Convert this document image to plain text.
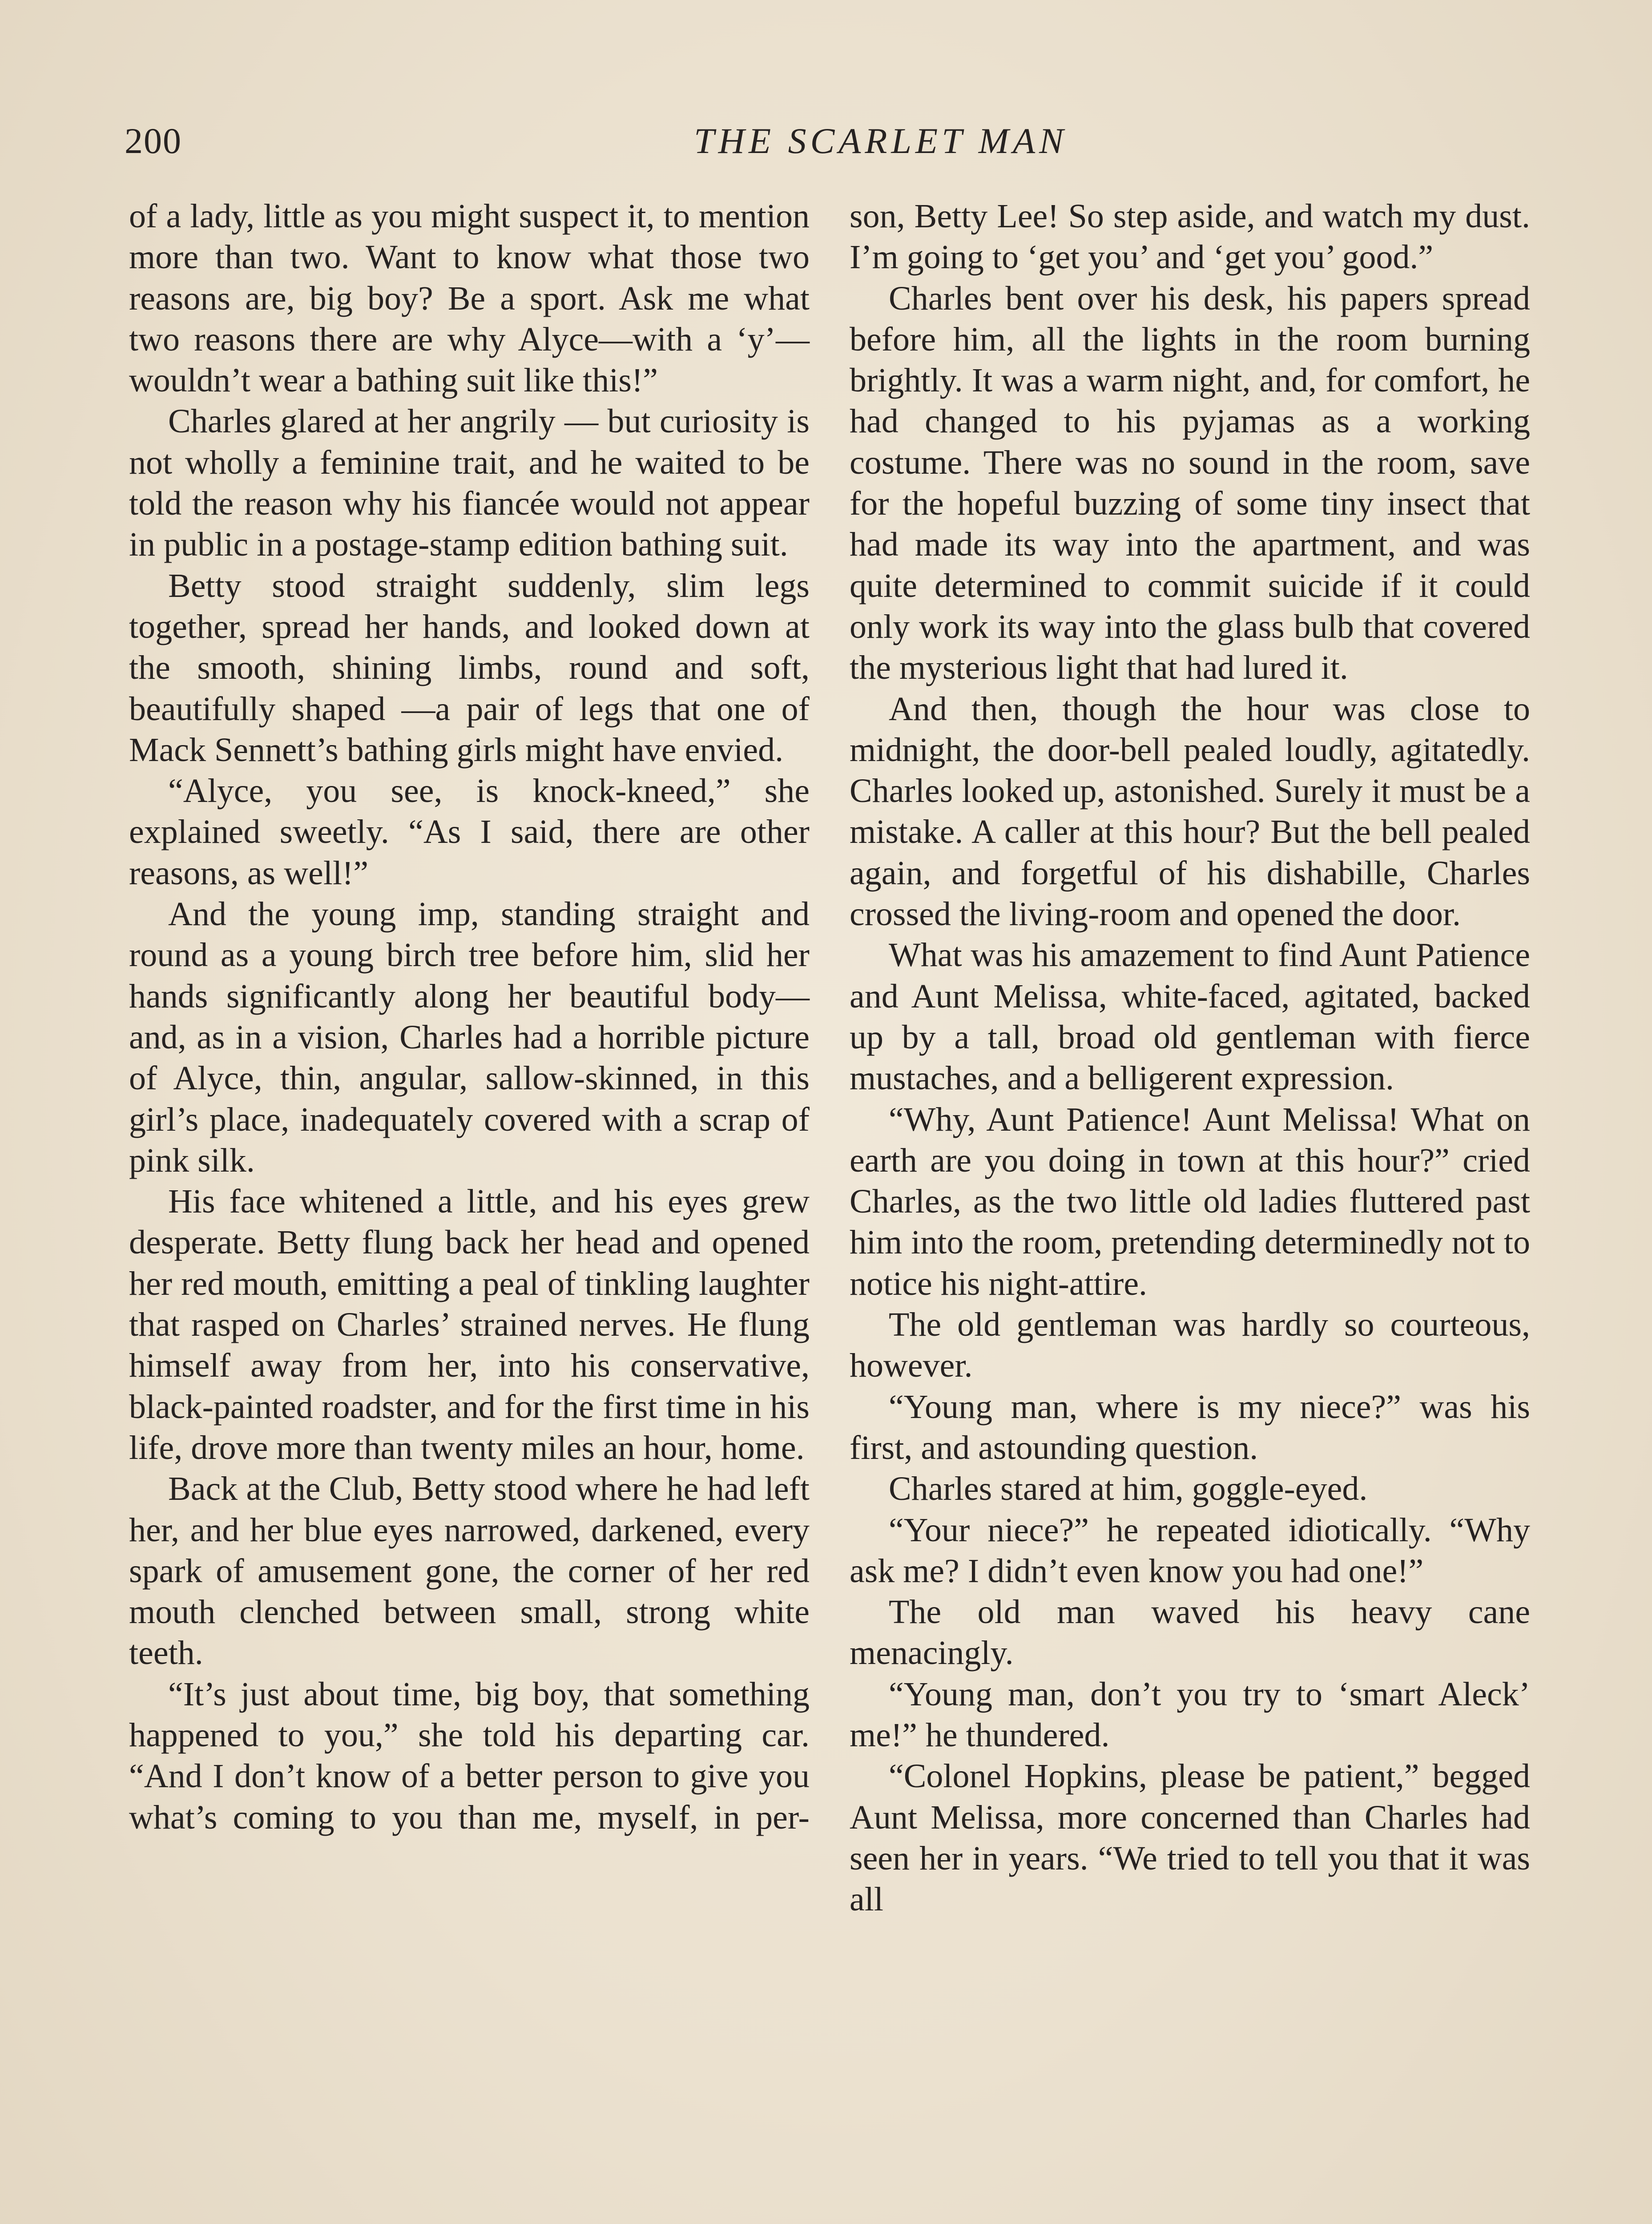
200	THE SCARLET MAN

of a lady, little as you might suspect it, to mention more than two. Want to know what those two reasons are, big boy? Be a sport. Ask me what two reasons there are why Alyce—with a ‘y’—wouldn’t wear a bathing suit like this!”

Charles glared at her angrily — but curiosity is not wholly a feminine trait, and he waited to be told the reason why his fiancée would not appear in public in a postage-stamp edition bathing suit.

Betty stood straight suddenly, slim legs together, spread her hands, and looked down at the smooth, shining limbs, round and soft, beautifully shaped —a pair of legs that one of Mack Sennett’s bathing girls might have envied.

“Alyce, you see, is knock-kneed,” she explained sweetly. “As I said, there are other reasons, as well!”

And the young imp, standing straight and round as a young birch tree before him, slid her hands significantly along her beautiful body—and, as in a vision, Charles had a horrible picture of Alyce, thin, angular, sallow-skinned, in this girl’s place, inadequately covered with a scrap of pink silk.

His face whitened a little, and his eyes grew desperate. Betty flung back her head and opened her red mouth, emitting a peal of tinkling laughter that rasped on Charles’ strained nerves. He flung himself away from her, into his conservative, black-painted roadster, and for the first time in his life, drove more than twenty miles an hour, home.

Back at the Club, Betty stood where he had left her, and her blue eyes narrowed, darkened, every spark of amusement gone, the corner of her red mouth clenched between small, strong white teeth.

“It’s just about time, big boy, that something happened to you,” she told his departing car. “And I don’t know of a better person to give you what’s coming to you than me, myself, in per-

son, Betty Lee! So step aside, and watch my dust. I’m going to ‘get you’ and ‘get you’ good.”

Charles bent over his desk, his papers spread before him, all the lights in the room burning brightly. It was a warm night, and, for comfort, he had changed to his pyjamas as a working costume. There was no sound in the room, save for the hopeful buzzing of some tiny insect that had made its way into the apartment, and was quite determined to commit suicide if it could only work its way into the glass bulb that covered the mysterious light that had lured it.

And then, though the hour was close to midnight, the door-bell pealed loudly, agitatedly. Charles looked up, astonished. Surely it must be a mistake. A caller at this hour? But the bell pealed again, and forgetful of his dishabille, Charles crossed the living-room and opened the door.

What was his amazement to find Aunt Patience and Aunt Melissa, white-faced, agitated, backed up by a tall, broad old gentleman with fierce mustaches, and a belligerent expression.

“Why, Aunt Patience! Aunt Melissa! What on earth are you doing in town at this hour?” cried Charles, as the two little old ladies fluttered past him into the room, pretending determinedly not to notice his night-attire.

The old gentleman was hardly so courteous, however.

“Young man, where is my niece?” was his first, and astounding question.

Charles stared at him, goggle-eyed.

“Your niece?” he repeated idiotically. “Why ask me? I didn’t even know you had one!”

The old man waved his heavy cane menacingly.

“Young man, don’t you try to ‘smart Aleck’ me!” he thundered.

“Colonel Hopkins, please be patient,” begged Aunt Melissa, more concerned than Charles had seen her in years. “We tried to tell you that it was all
